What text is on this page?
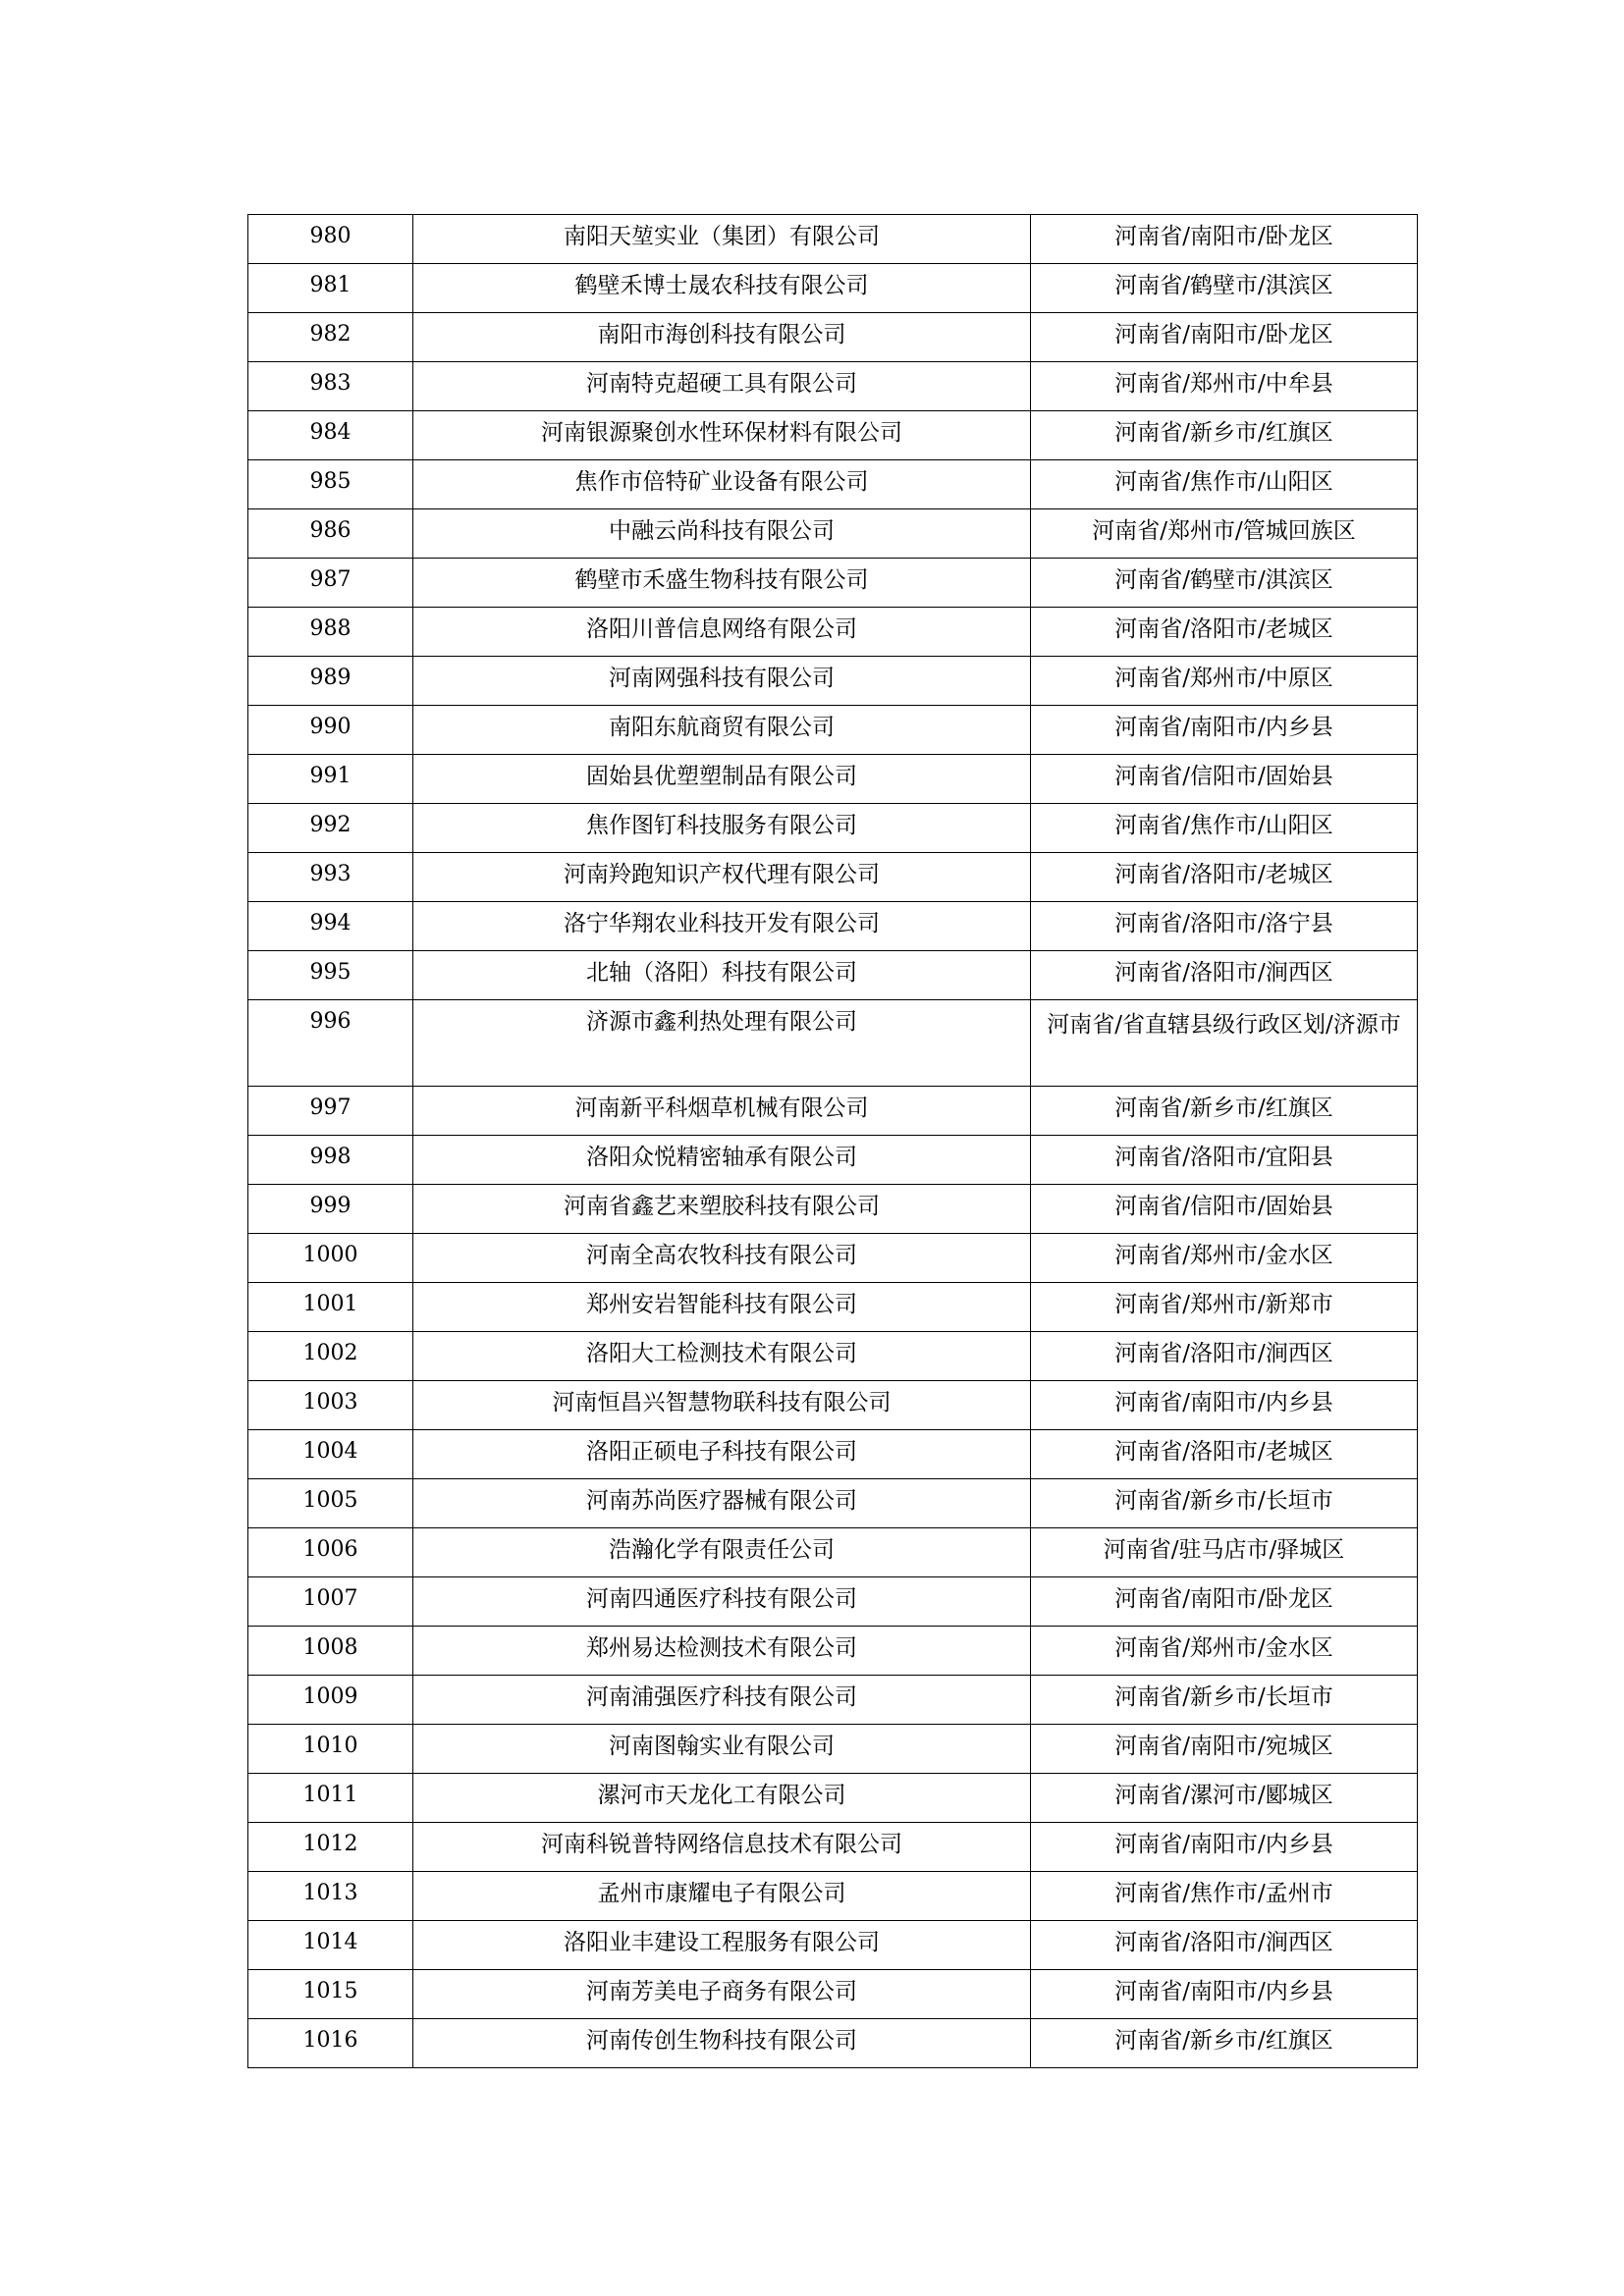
980	南阳天堃实业（集团）有限公司	河南省/南阳市/卧龙区
981	鹤壁禾博士晟农科技有限公司	河南省/鹤壁市/淇滨区
982	南阳市海创科技有限公司	河南省/南阳市/卧龙区
983	河南特克超硬工具有限公司	河南省/郑州市/中牟县
984	河南银源聚创水性环保材料有限公司	河南省/新乡市/红旗区
985	焦作市倍特矿业设备有限公司	河南省/焦作市/山阳区
986	中融云尚科技有限公司	河南省/郑州市/管城回族区
987	鹤壁市禾盛生物科技有限公司	河南省/鹤壁市/淇滨区
988	洛阳川普信息网络有限公司	河南省/洛阳市/老城区
989	河南网强科技有限公司	河南省/郑州市/中原区
990	南阳东航商贸有限公司	河南省/南阳市/内乡县
991	固始县优塑塑制品有限公司	河南省/信阳市/固始县
992	焦作图钉科技服务有限公司	河南省/焦作市/山阳区
993	河南羚跑知识产权代理有限公司	河南省/洛阳市/老城区
994	洛宁华翔农业科技开发有限公司	河南省/洛阳市/洛宁县
995	北轴（洛阳）科技有限公司	河南省/洛阳市/涧西区
996	济源市鑫利热处理有限公司	河南省/省直辖县级行政区划/济源市
997	河南新平科烟草机械有限公司	河南省/新乡市/红旗区
998	洛阳众悦精密轴承有限公司	河南省/洛阳市/宜阳县
999	河南省鑫艺来塑胶科技有限公司	河南省/信阳市/固始县
1000	河南全高农牧科技有限公司	河南省/郑州市/金水区
1001	郑州安岩智能科技有限公司	河南省/郑州市/新郑市
1002	洛阳大工检测技术有限公司	河南省/洛阳市/涧西区
1003	河南恒昌兴智慧物联科技有限公司	河南省/南阳市/内乡县
1004	洛阳正硕电子科技有限公司	河南省/洛阳市/老城区
1005	河南苏尚医疗器械有限公司	河南省/新乡市/长垣市
1006	浩瀚化学有限责任公司	河南省/驻马店市/驿城区
1007	河南四通医疗科技有限公司	河南省/南阳市/卧龙区
1008	郑州易达检测技术有限公司	河南省/郑州市/金水区
1009	河南浦强医疗科技有限公司	河南省/新乡市/长垣市
1010	河南图翰实业有限公司	河南省/南阳市/宛城区
1011	漯河市天龙化工有限公司	河南省/漯河市/郾城区
1012	河南科锐普特网络信息技术有限公司	河南省/南阳市/内乡县
1013	孟州市康耀电子有限公司	河南省/焦作市/孟州市
1014	洛阳业丰建设工程服务有限公司	河南省/洛阳市/涧西区
1015	河南芳美电子商务有限公司	河南省/南阳市/内乡县
1016	河南传创生物科技有限公司	河南省/新乡市/红旗区
